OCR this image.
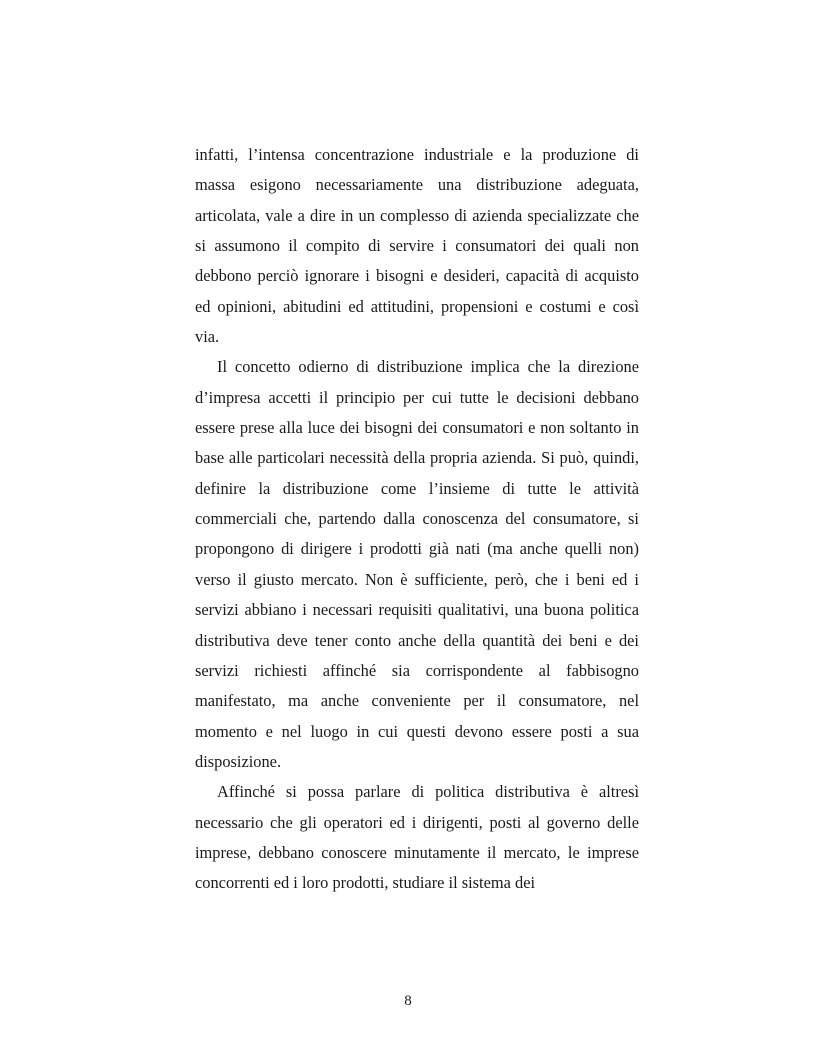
infatti, l’intensa concentrazione industriale e la produzione di massa esigono necessariamente una distribuzione adeguata, articolata, vale a dire in un complesso di azienda specializzate che si assumono il compito di servire i consumatori dei quali non debbono perciò ignorare i bisogni e desideri, capacità di acquisto ed opinioni, abitudini ed attitudini, propensioni e costumi e così via.

Il concetto odierno di distribuzione implica che la direzione d’impresa accetti il principio per cui tutte le decisioni debbano essere prese alla luce dei bisogni dei consumatori e non soltanto in base alle particolari necessità della propria azienda. Si può, quindi, definire la distribuzione come l’insieme di tutte le attività commerciali che, partendo dalla conoscenza del consumatore, si propongono di dirigere i prodotti già nati (ma anche quelli non) verso il giusto mercato. Non è sufficiente, però, che i beni ed i servizi abbiano i necessari requisiti qualitativi, una buona politica distributiva deve tener conto anche della quantità dei beni e dei servizi richiesti affinché sia corrispondente al fabbisogno manifestato, ma anche conveniente per il consumatore, nel momento e nel luogo in cui questi devono essere posti a sua disposizione.

Affinché si possa parlare di politica distributiva è altresì necessario che gli operatori ed i dirigenti, posti al governo delle imprese, debbano conoscere minutamente il mercato, le imprese concorrenti ed i loro prodotti, studiare il sistema dei

8
